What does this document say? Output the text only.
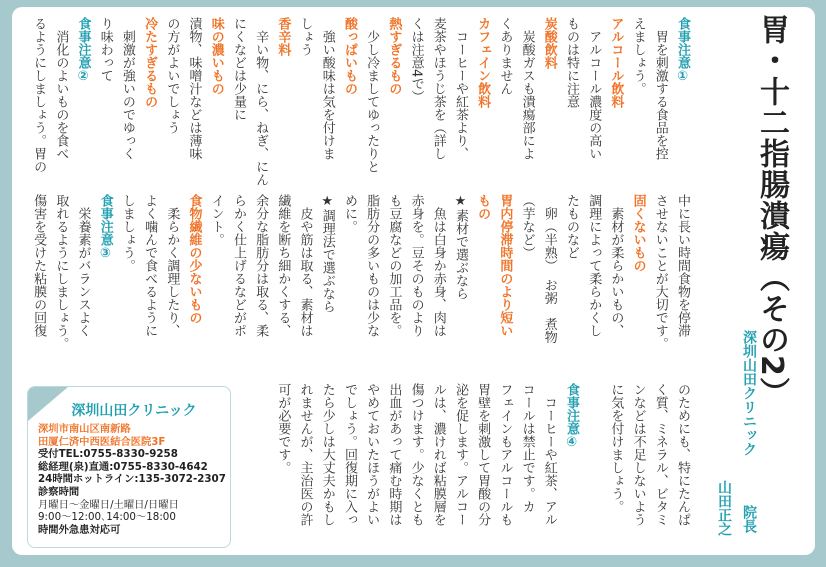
胃・十二指腸潰瘍（その2）
深圳山田クリニック
院長
山田正之
食事注意①
　胃を刺激する食品を控
えましょう。
アルコール飲料
　アルコール濃度の高い
ものは特に注意
炭酸飲料
　炭酸ガスも潰瘍部によ
くありません
カフェイン飲料
　コーヒーや紅茶より、
麦茶やほうじ茶を（詳し
くは注意4で）
熱すぎるもの
　少し冷ましてゆったりと
酸っぱいもの
　強い酸味は気を付けま
しょう
香辛料
　辛い物、にら、ねぎ、にん
にくなどは少量に
味の濃いもの
漬物、味噌汁などは薄味
の方がよいでしょう
冷たすぎるもの
　刺激が強いのでゆっく
り味わって
食事注意②
　消化のよいものを食べ
るようにしましょう。胃の
中に長い時間食物を停滞
させないことが大切です。
固くないもの
　素材が柔らかいもの、
調理によって柔らかくし
たものなど
　卵（半熟）　お粥　煮物
（芋など）
胃内停滞時間のより短い
もの
★素材で選ぶなら
　魚は白身か赤身、肉は
赤身を。豆そのものより
も豆腐などの加工品を。
脂肪分の多いものは少な
めに。
★調理法で選ぶなら
　皮や筋は取る、素材は
繊維を断ち細かくする、
余分な脂肪分は取る、柔
らかく仕上げるなどがポ
イント。
食物繊維の少ないもの
　柔らかく調理したり、
よく噛んで食べるように
しましょう。
食事注意③
　栄養素がバランスよく
取れるようにしましょう。
傷害を受けた粘膜の回復
のためにも、特にたんぱ
く質、ミネラル、ビタミ
ンなどは不足しないよう
に気を付けましょう。
食事注意④
　コーヒーや紅茶、アル
コールは禁止です。カ
フェインもアルコールも
胃壁を刺激して胃酸の分
泌を促します。アルコー
ルは、濃ければ粘膜層を
傷つけます。少なくとも
出血があって痛む時期は
やめておいたほうがよい
でしょう。回復期に入っ
たら少しは大丈夫かもし
れませんが、主治医の許
可が必要です。
深圳山田クリニック
深圳市南山区南新路
田厦仁済中西医結合医院3F
受付TEL:0755-8330-9258
総経理(泉)直通:0755-8330-4642
24時間ホットライン:135-3072-2307
診察時間
月曜日～金曜日/土曜日/日曜日
9:00～12:00､14:00～18:00
時間外急患対応可
